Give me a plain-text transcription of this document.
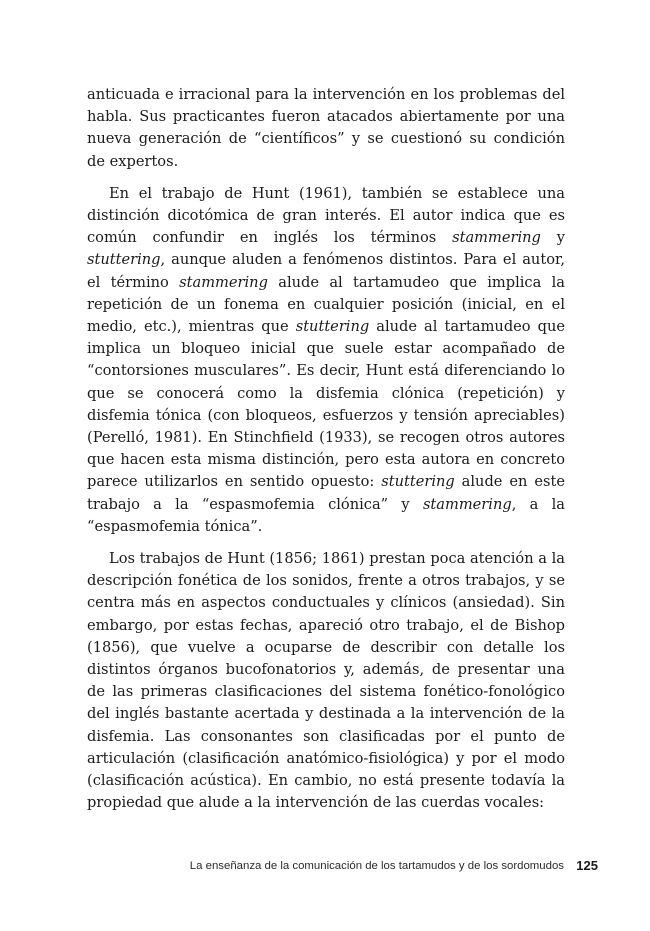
anticuada e irracional para la intervención en los problemas del habla. Sus practicantes fueron atacados abiertamente por una nueva generación de “científicos” y se cuestionó su condición de expertos.

En el trabajo de Hunt (1961), también se establece una distinción dicotómica de gran interés. El autor indica que es común confundir en inglés los términos stammering y stuttering, aunque aluden a fenómenos distintos. Para el autor, el término stammering alude al tartamudeo que implica la repetición de un fonema en cualquier posición (inicial, en el medio, etc.), mientras que stuttering alude al tartamudeo que implica un bloqueo inicial que suele estar acompañado de “contorsiones musculares”. Es decir, Hunt está diferenciando lo que se conocerá como la disfemia clónica (repetición) y disfemia tónica (con bloqueos, esfuerzos y tensión apreciables) (Perelló, 1981). En Stinchfield (1933), se recogen otros autores que hacen esta misma distinción, pero esta autora en concreto parece utilizarlos en sentido opuesto: stuttering alude en este trabajo a la “espasmofemia clónica” y stammering, a la “espasmofemia tónica”.

Los trabajos de Hunt (1856; 1861) prestan poca atención a la descripción fonética de los sonidos, frente a otros trabajos, y se centra más en aspectos conductuales y clínicos (ansiedad). Sin embargo, por estas fechas, apareció otro trabajo, el de Bishop (1856), que vuelve a ocuparse de describir con detalle los distintos órganos bucofonatorios y, además, de presentar una de las primeras clasificaciones del sistema fonético-fonológico del inglés bastante acertada y destinada a la intervención de la disfemia. Las consonantes son clasificadas por el punto de articulación (clasificación anatómico-fisiológica) y por el modo (clasificación acústica). En cambio, no está presente todavía la propiedad que alude a la intervención de las cuerdas vocales:

La enseñanza de la comunicación de los tartamudos y de los sordomudos 125
